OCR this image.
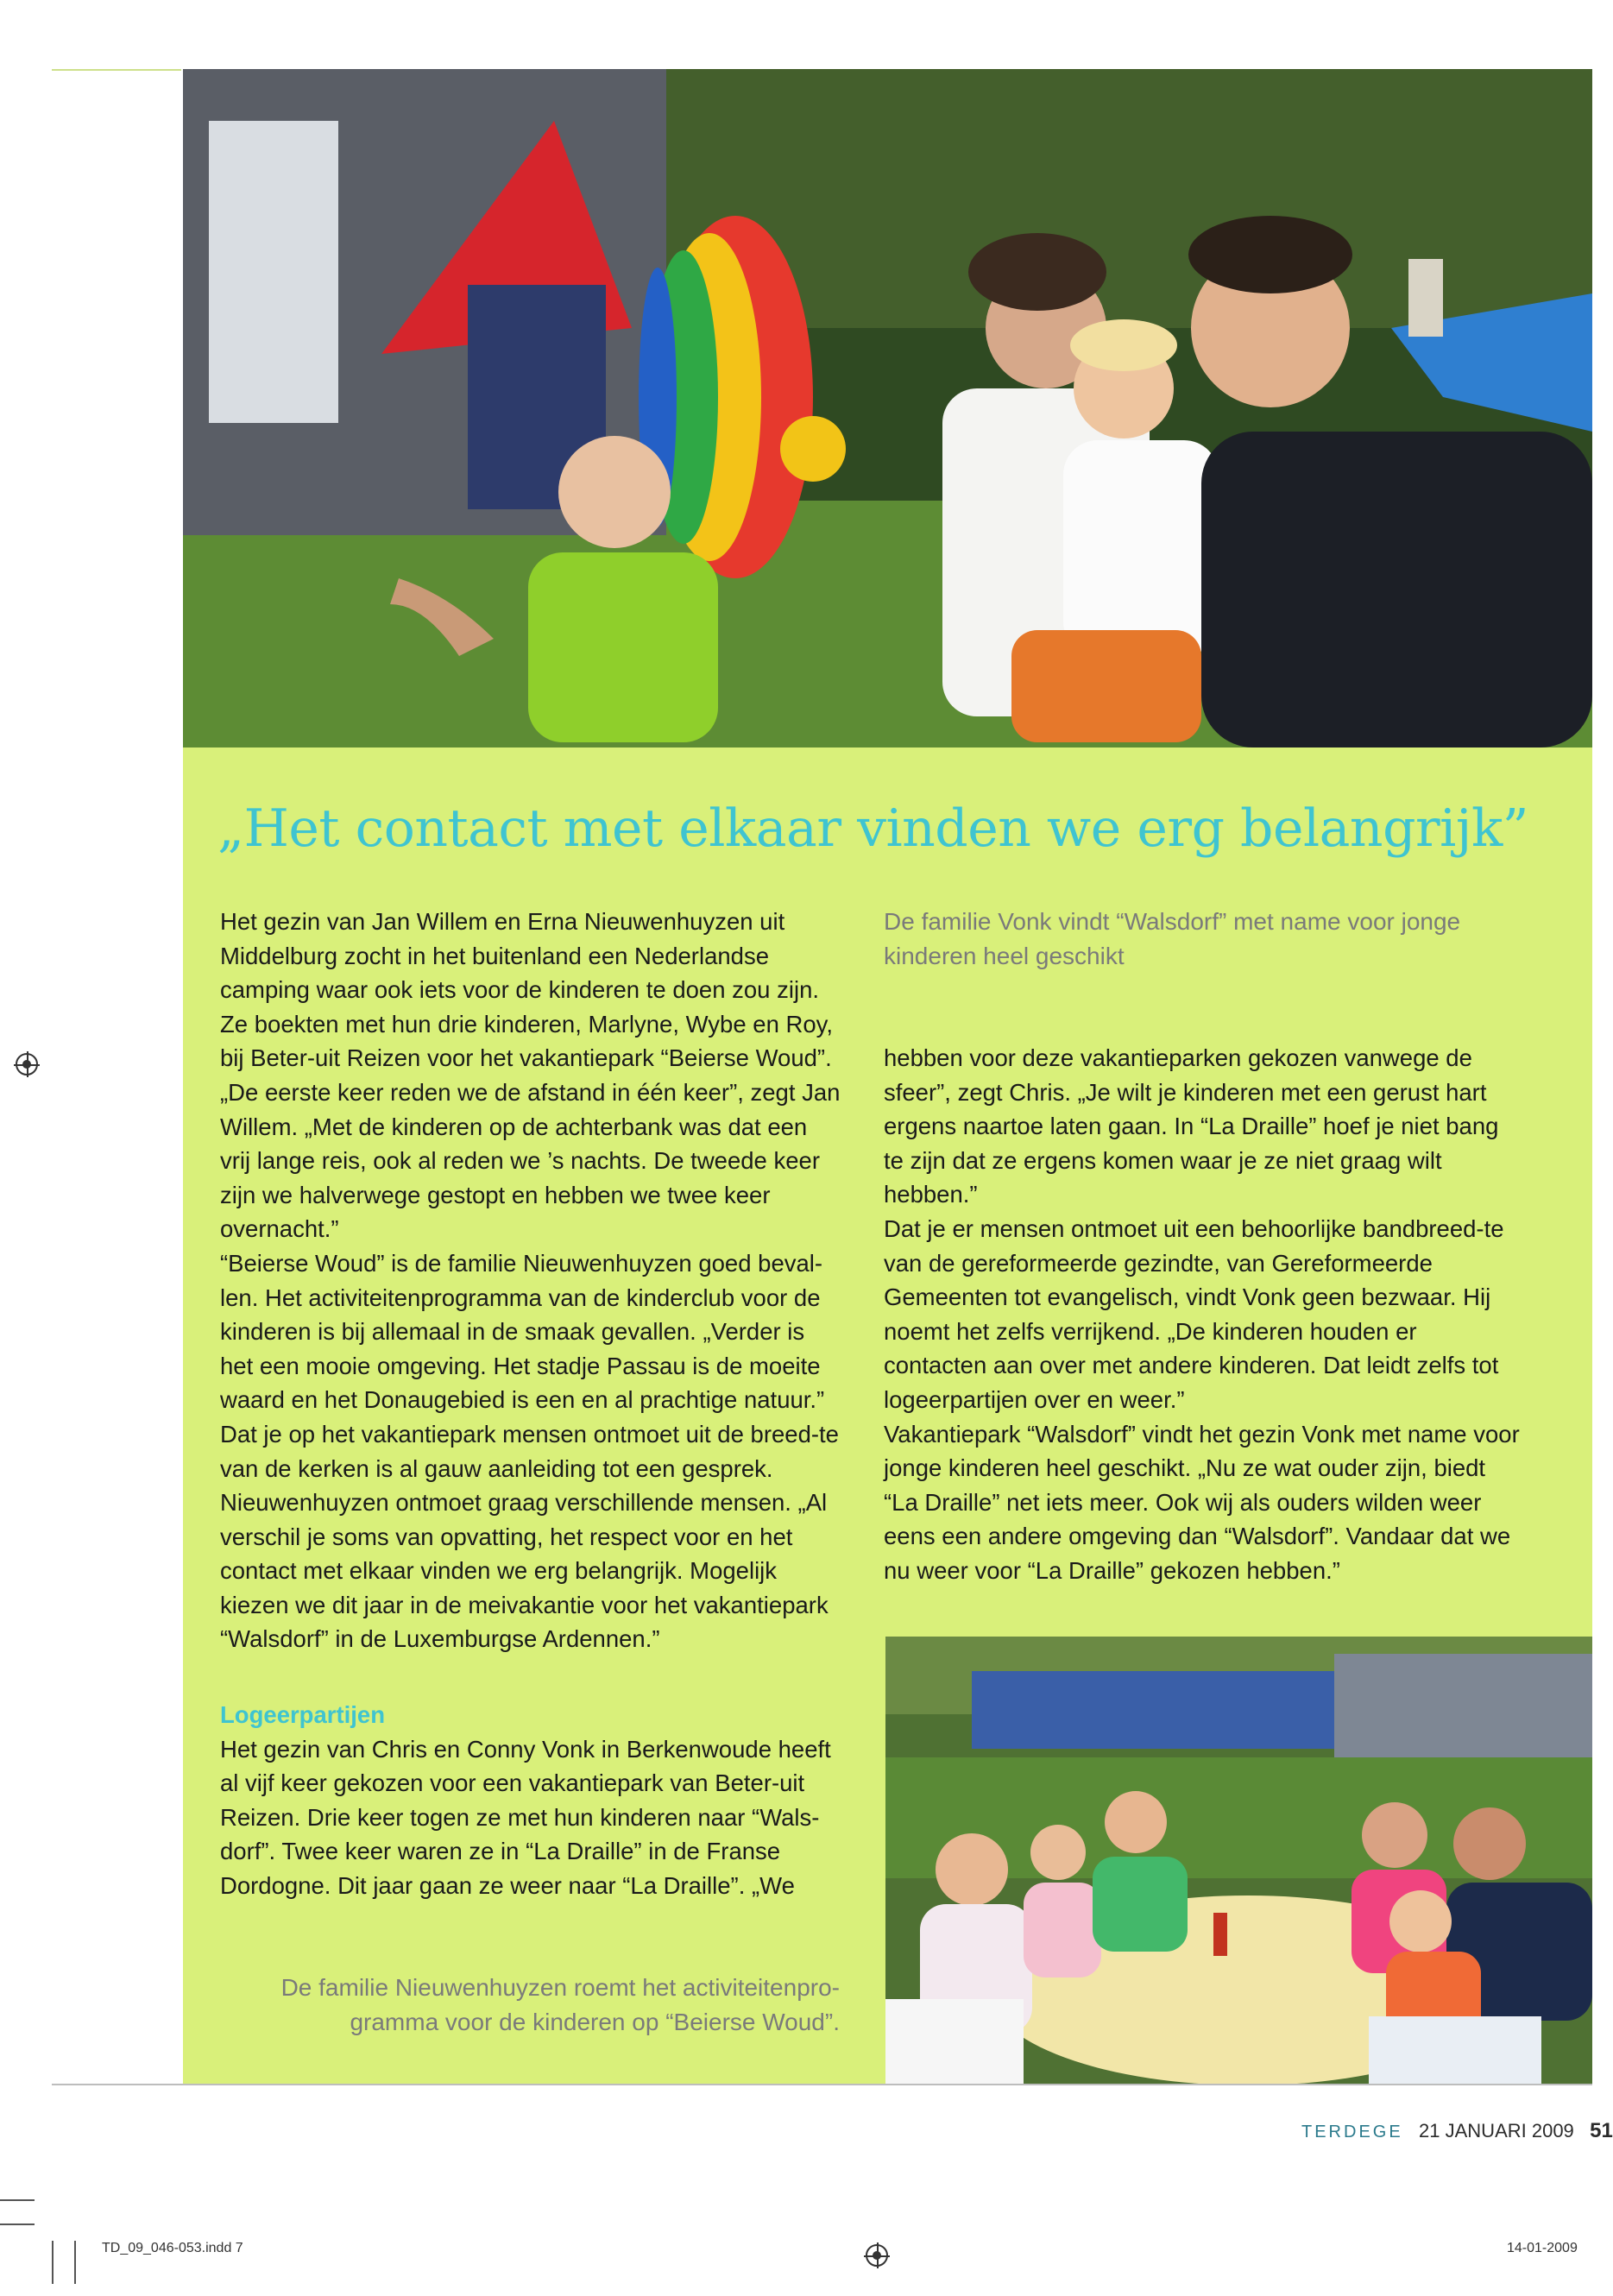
„Het contact met elkaar vinden we erg belangrijk”

Het gezin van Jan Willem en Erna Nieuwenhuyzen uit Middelburg zocht in het buitenland een Nederlandse camping waar ook iets voor de kinderen te doen zou zijn. Ze boekten met hun drie kinderen, Marlyne, Wybe en Roy, bij Beter-uit Reizen voor het vakantiepark “Beierse Woud”. „De eerste keer reden we de afstand in één keer”, zegt Jan Willem. „Met de kinderen op de achterbank was dat een vrij lange reis, ook al reden we ’s nachts. De tweede keer zijn we halverwege gestopt en hebben we twee keer overnacht.”

“Beierse Woud” is de familie Nieuwenhuyzen goed beval-len. Het activiteitenprogramma van de kinderclub voor de kinderen is bij allemaal in de smaak gevallen. „Verder is het een mooie omgeving. Het stadje Passau is de moeite waard en het Donaugebied is een en al prachtige natuur.” Dat je op het vakantiepark mensen ontmoet uit de breed-te van de kerken is al gauw aanleiding tot een gesprek. Nieuwenhuyzen ontmoet graag verschillende mensen. „Al verschil je soms van opvatting, het respect voor en het contact met elkaar vinden we erg belangrijk. Mogelijk kiezen we dit jaar in de meivakantie voor het vakantiepark “Walsdorf” in de Luxemburgse Ardennen.”

Logeerpartijen

Het gezin van Chris en Conny Vonk in Berkenwoude heeft al vijf keer gekozen voor een vakantiepark van Beter-uit Reizen. Drie keer togen ze met hun kinderen naar “Wals-dorf”. Twee keer waren ze in “La Draille” in de Franse Dordogne. Dit jaar gaan ze weer naar “La Draille”. „We

De familie Vonk vindt “Walsdorf” met name voor jonge kinderen heel geschikt

hebben voor deze vakantieparken gekozen vanwege de sfeer”, zegt Chris. „Je wilt je kinderen met een gerust hart ergens naartoe laten gaan. In “La Draille” hoef je niet bang te zijn dat ze ergens komen waar je ze niet graag wilt hebben.”

Dat je er mensen ontmoet uit een behoorlijke bandbreed-te van de gereformeerde gezindte, van Gereformeerde Gemeenten tot evangelisch, vindt Vonk geen bezwaar. Hij noemt het zelfs verrijkend. „De kinderen houden er contacten aan over met andere kinderen. Dat leidt zelfs tot logeerpartijen over en weer.”

Vakantiepark “Walsdorf” vindt het gezin Vonk met name voor jonge kinderen heel geschikt. „Nu ze wat ouder zijn, biedt “La Draille” net iets meer. Ook wij als ouders wilden weer eens een andere omgeving dan “Walsdorf”. Vandaar dat we nu weer voor “La Draille” gekozen hebben.”

De familie Nieuwenhuyzen roemt het activiteitenpro-gramma voor de kinderen op “Beierse Woud”.
TERDEGE 21 JANUARI 2009 51
TD_09_046-053.indd 7	14-01-2009
